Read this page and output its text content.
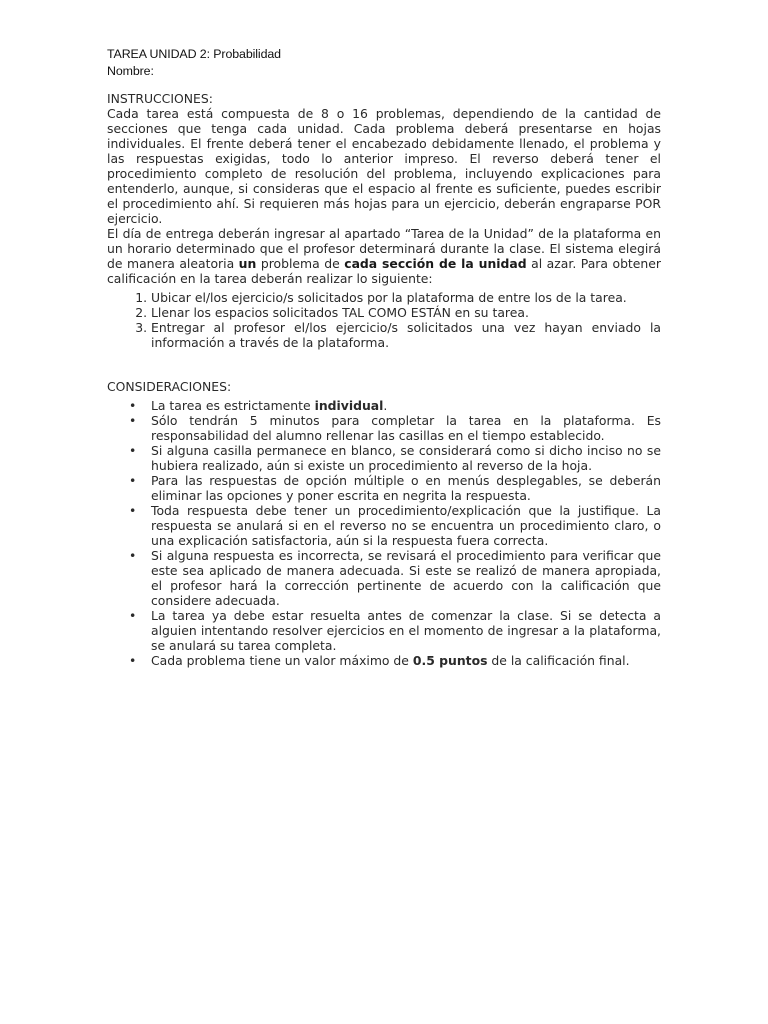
TAREA UNIDAD 2: Probabilidad
Nombre:
INSTRUCCIONES:

Cada tarea está compuesta de 8 o 16 problemas, dependiendo de la cantidad de secciones que tenga cada unidad. Cada problema deberá presentarse en hojas individuales. El frente deberá tener el encabezado debidamente llenado, el problema y las respuestas exigidas, todo lo anterior impreso. El reverso deberá tener el procedimiento completo de resolución del problema, incluyendo explicaciones para entenderlo, aunque, si consideras que el espacio al frente es suficiente, puedes escribir el procedimiento ahí. Si requieren más hojas para un ejercicio, deberán engraparse POR ejercicio.

El día de entrega deberán ingresar al apartado “Tarea de la Unidad” de la plataforma en un horario determinado que el profesor determinará durante la clase. El sistema elegirá de manera aleatoria un problema de cada sección de la unidad al azar. Para obtener calificación en la tarea deberán realizar lo siguiente:

1. Ubicar el/los ejercicio/s solicitados por la plataforma de entre los de la tarea.
2. Llenar los espacios solicitados TAL COMO ESTÁN en su tarea.
3. Entregar al profesor el/los ejercicio/s solicitados una vez hayan enviado la información a través de la plataforma.
CONSIDERACIONES:
• La tarea es estrictamente individual.
• Sólo tendrán 5 minutos para completar la tarea en la plataforma. Es responsabilidad del alumno rellenar las casillas en el tiempo establecido.
• Si alguna casilla permanece en blanco, se considerará como si dicho inciso no se hubiera realizado, aún si existe un procedimiento al reverso de la hoja.
• Para las respuestas de opción múltiple o en menús desplegables, se deberán eliminar las opciones y poner escrita en negrita la respuesta.
• Toda respuesta debe tener un procedimiento/explicación que la justifique. La respuesta se anulará si en el reverso no se encuentra un procedimiento claro, o una explicación satisfactoria, aún si la respuesta fuera correcta.
• Si alguna respuesta es incorrecta, se revisará el procedimiento para verificar que este sea aplicado de manera adecuada. Si este se realizó de manera apropiada, el profesor hará la corrección pertinente de acuerdo con la calificación que considere adecuada.
• La tarea ya debe estar resuelta antes de comenzar la clase. Si se detecta a alguien intentando resolver ejercicios en el momento de ingresar a la plataforma, se anulará su tarea completa.
• Cada problema tiene un valor máximo de 0.5 puntos de la calificación final.
